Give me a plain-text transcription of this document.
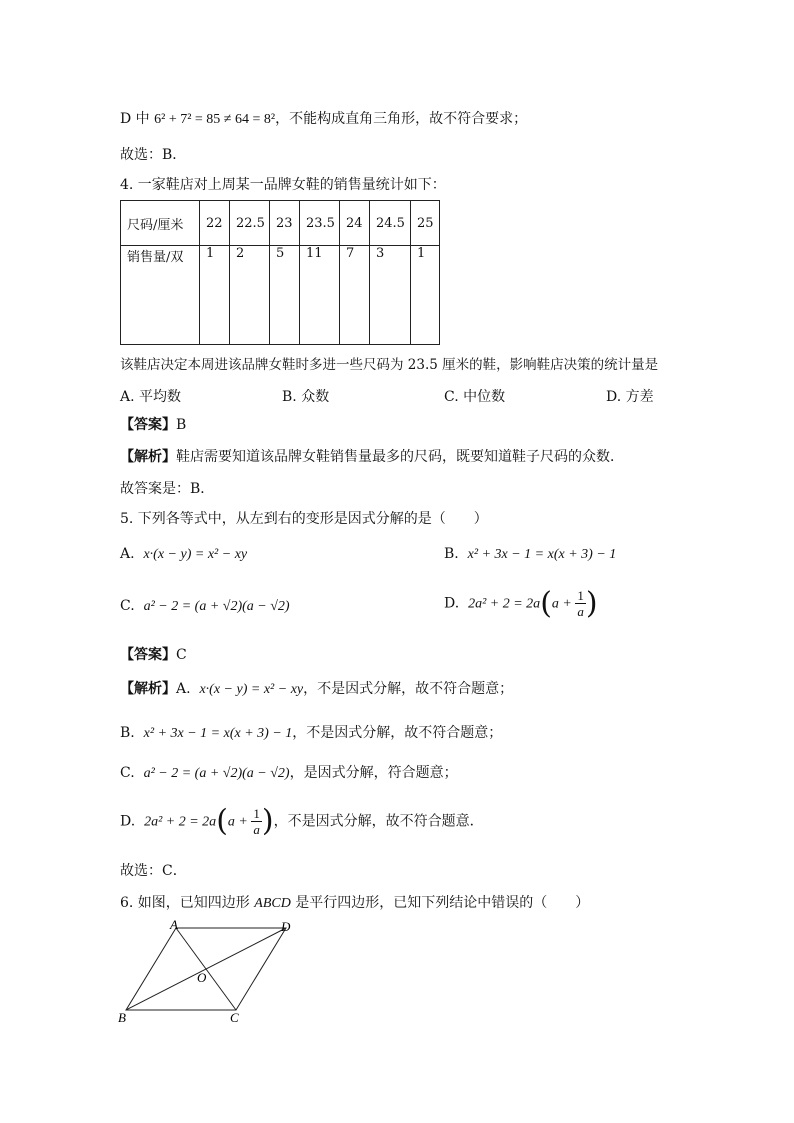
D 中 6² + 7² = 85 ≠ 64 = 8²，不能构成直角三角形，故不符合要求；
故选：B．
4. 一家鞋店对上周某一品牌女鞋的销售量统计如下：
尺码/厘米	22	22.5	23	23.5	24	24.5	25
销售量/双	1	2	5	11	7	3	1
该鞋店决定本周进该品牌女鞋时多进一些尺码为 23.5 厘米的鞋，影响鞋店决策的统计量是
A. 平均数	B. 众数	C. 中位数	D. 方差
【答案】B
【解析】鞋店需要知道该品牌女鞋销售量最多的尺码，既要知道鞋子尺码的众数．
故答案是：B．
5. 下列各等式中，从左到右的变形是因式分解的是（　　）
A. x·(x − y) = x² − xy	B. x² + 3x − 1 = x(x + 3) − 1
C. a² − 2 = (a + √2)(a − √2)	D. $2a^2 + 2 = 2a(a + \frac{1}{a}$ )
【答案】C
【解析】A. x·(x − y) = x² − xy，不是因式分解，故不符合题意；
B. x² + 3x − 1 = x(x + 3) − 1，不是因式分解，故不符合题意；
C. a² − 2 = (a + √2)(a − √2)，是因式分解，符合题意；
D. $2a^2 + 2 = 2a(a + \frac{1}{a}$ )，不是因式分解，故不符合题意．
故选：C．
6. 如图，已知四边形 ABCD 是平行四边形，已知下列结论中错误的（　　）
A	D
O
B	C
